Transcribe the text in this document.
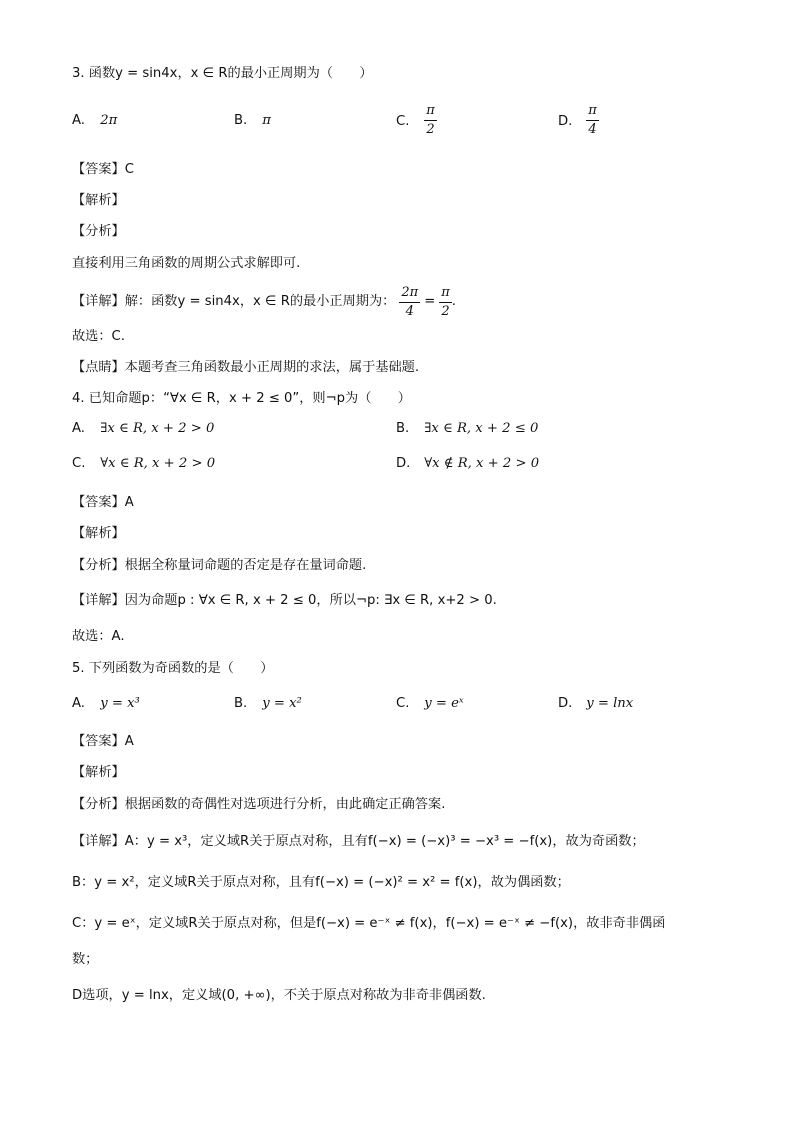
3. 函数y = sin4x，x ∈ R的最小正周期为（　　）
A. 2π	B. π	C. $\frac{\pi}{2}$	D. $\frac{\pi}{4}$
【答案】C
【解析】
【分析】
直接利用三角函数的周期公式求解即可.
【详解】解：函数y = sin4x，x ∈ R的最小正周期为： $\frac{2\pi}{4} = \frac{\pi}{2}$ .
故选：C.
【点睛】本题考查三角函数最小正周期的求法，属于基础题.
4. 已知命题p：“∀x ∈ R，x + 2 ≤ 0”，则¬p为（　　）
A. ∃x ∈ R, x + 2 > 0	B. ∃x ∈ R, x + 2 ≤ 0
C. ∀x ∈ R, x + 2 > 0	D. ∀x ∉ R, x + 2 > 0
【答案】A
【解析】
【分析】根据全称量词命题的否定是存在量词命题.
【详解】因为命题p : ∀x ∈ R, x + 2 ≤ 0，所以¬p: ∃x ∈ R, x+2 > 0.
故选：A.
5. 下列函数为奇函数的是（　　）
A. y = x³	B. y = x²	C. y = eˣ	D. y = lnx
【答案】A
【解析】
【分析】根据函数的奇偶性对选项进行分析，由此确定正确答案.
【详解】A：y = x³，定义域R关于原点对称，且有f(−x) = (−x)³ = −x³ = −f(x)，故为奇函数；
B：y = x²，定义域R关于原点对称，且有f(−x) = (−x)² = x² = f(x)，故为偶函数；
C：y = eˣ，定义域R关于原点对称，但是f(−x) = e⁻ˣ ≠ f(x)，f(−x) = e⁻ˣ ≠ −f(x)，故非奇非偶函
数；
D选项，y = lnx，定义域(0, +∞)，不关于原点对称故为非奇非偶函数.
